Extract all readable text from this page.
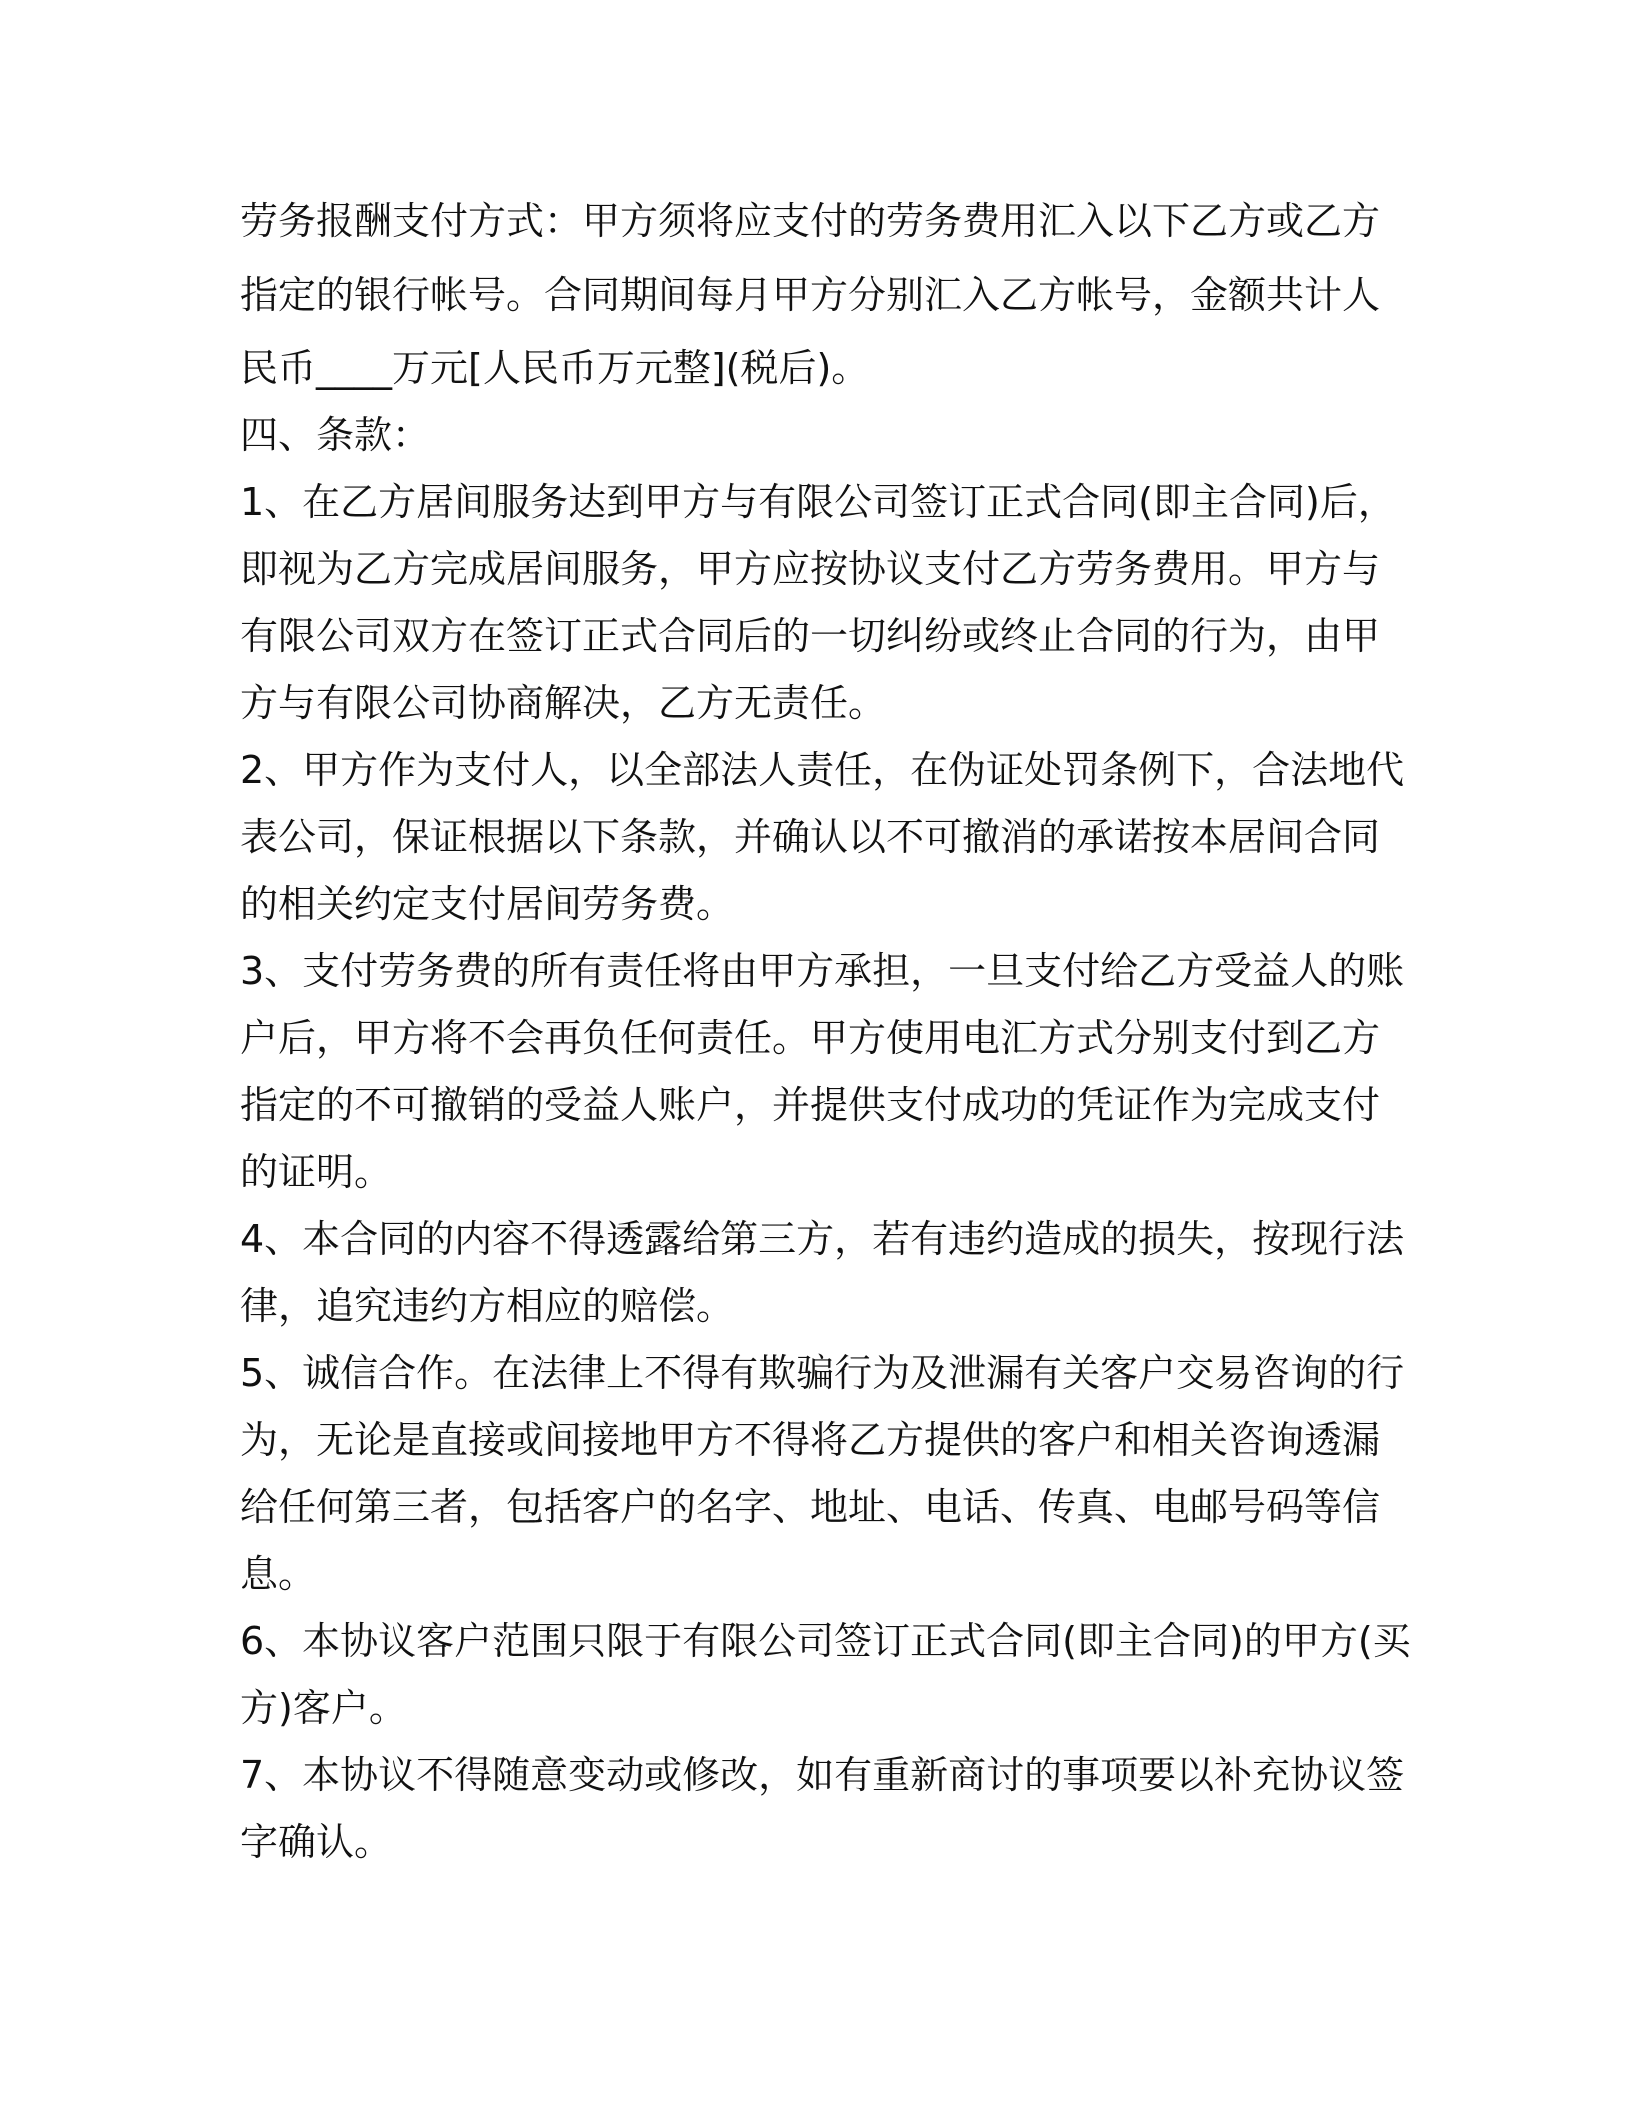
劳务报酬支付方式：甲方须将应支付的劳务费用汇入以下乙方或乙方
指定的银行帐号。合同期间每月甲方分别汇入乙方帐号，金额共计人
民币____万元[人民币万元整](税后)。
四、条款：
1、在乙方居间服务达到甲方与有限公司签订正式合同(即主合同)后，
即视为乙方完成居间服务，甲方应按协议支付乙方劳务费用。甲方与
有限公司双方在签订正式合同后的一切纠纷或终止合同的行为，由甲
方与有限公司协商解决，乙方无责任。
2、甲方作为支付人，以全部法人责任，在伪证处罚条例下，合法地代
表公司，保证根据以下条款，并确认以不可撤消的承诺按本居间合同
的相关约定支付居间劳务费。
3、支付劳务费的所有责任将由甲方承担，一旦支付给乙方受益人的账
户后，甲方将不会再负任何责任。甲方使用电汇方式分别支付到乙方
指定的不可撤销的受益人账户，并提供支付成功的凭证作为完成支付
的证明。
4、本合同的内容不得透露给第三方，若有违约造成的损失，按现行法
律，追究违约方相应的赔偿。
5、诚信合作。在法律上不得有欺骗行为及泄漏有关客户交易咨询的行
为，无论是直接或间接地甲方不得将乙方提供的客户和相关咨询透漏
给任何第三者，包括客户的名字、地址、电话、传真、电邮号码等信
息。
6、本协议客户范围只限于有限公司签订正式合同(即主合同)的甲方(买
方)客户。
7、本协议不得随意变动或修改，如有重新商讨的事项要以补充协议签
字确认。
